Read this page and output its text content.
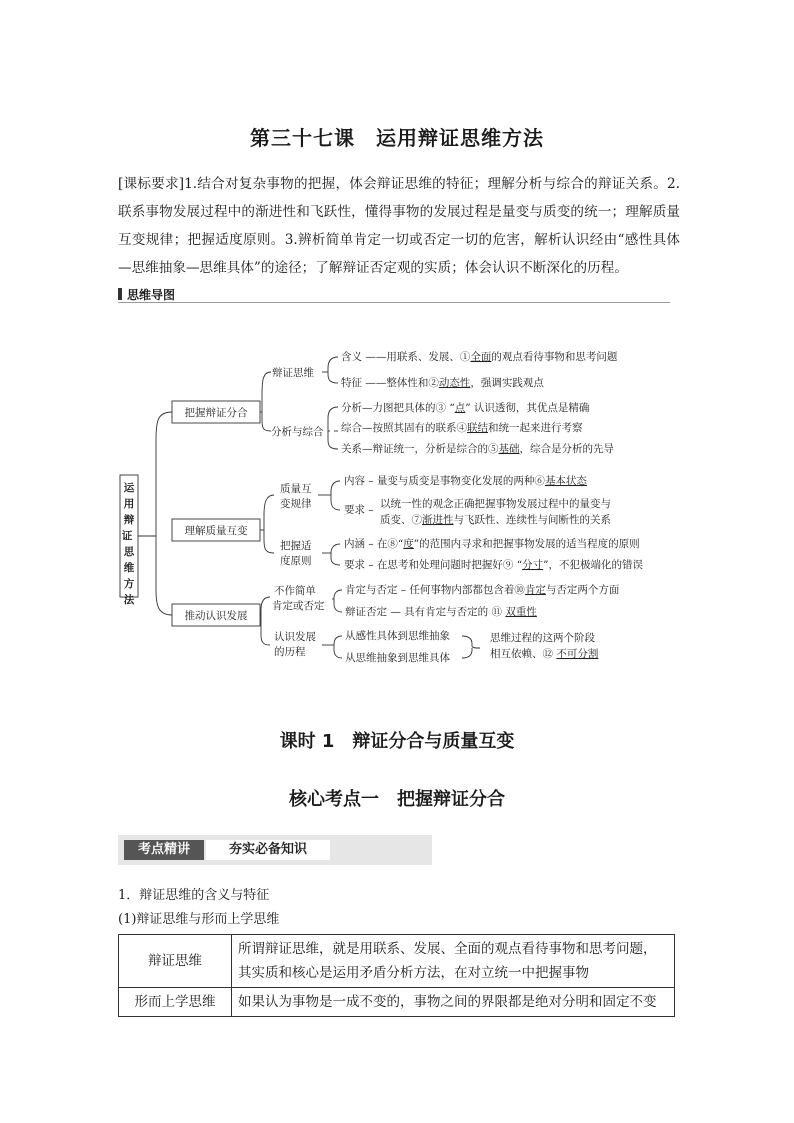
第三十七课　运用辩证思维方法
[课标要求]1.结合对复杂事物的把握，体会辩证思维的特征；理解分析与综合的辩证关系。2.联系事物发展过程中的渐进性和飞跃性，懂得事物的发展过程是量变与质变的统一；理解质量互变规律；把握适度原则。3.辨析简单肯定一切或否定一切的危害，解析认识经由“感性具体—思维抽象—思维具体”的途径；了解辩证否定观的实质；体会认识不断深化的历程。
思维导图
运用辩证 思维方法
把握辩证分合
理解质量互变
推动认识发展
辩证思维
含义 ——用联系、发展、①全面的观点看待事物和思考问题
特征 ——整体性和②动态性，强调实践观点
分析与综合
分析—力图把具体的③ “点” 认识透彻，其优点是精确
综合—按照其固有的联系④联结和统一起来进行考察
关系—辩证统一，分析是综合的⑤基础，综合是分析的先导
质量互
变规律
内容 – 量变与质变是事物变化发展的两种⑥基本状态
要求 – 以统一性的观念正确把握事物发展过程中的量变与
质变、⑦渐进性与飞跃性、连续性与间断性的关系
把握适
度原则
内涵 – 在⑧“度”的范围内寻求和把握事物发展的适当程度的原则
要求 – 在思考和处理问题时把握好⑨ “分寸”，不犯极端化的错误
不作简单
肯定或否定
肯定与否定 – 任何事物内部都包含着⑩肯定与否定两个方面
辩证否定 — 具有肯定与否定的 ⑪ 双重性
认识发展
的历程
从感性具体到思维抽象
从思维抽象到思维具体
思维过程的这两个阶段
相互依赖、⑫ 不可分割
课时 1　辩证分合与质量互变
核心考点一　把握辩证分合
考点精讲	夯实必备知识
1．辩证思维的含义与特征
(1)辩证思维与形而上学思维
辩证思维	所谓辩证思维，就是用联系、发展、全面的观点看待事物和思考问题，其实质和核心是运用矛盾分析方法，在对立统一中把握事物
形而上学思维	如果认为事物是一成不变的，事物之间的界限都是绝对分明和固定不变
